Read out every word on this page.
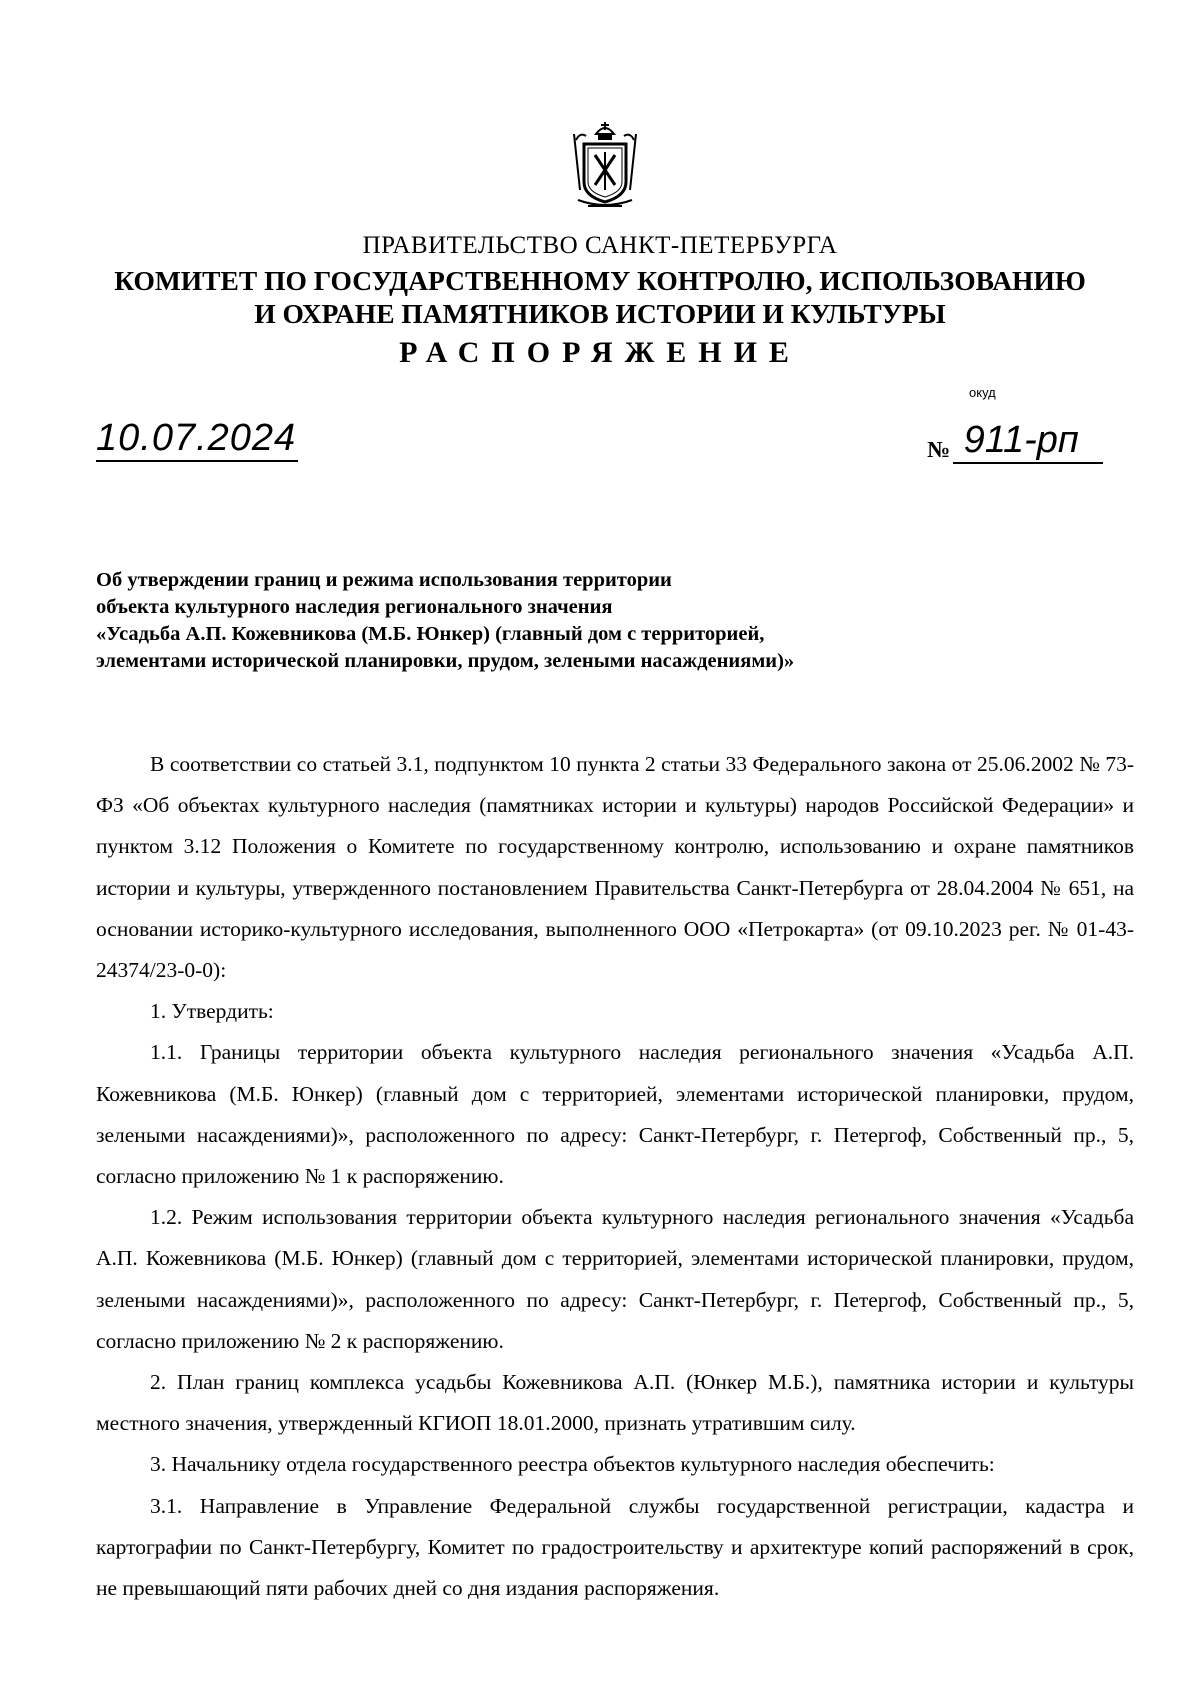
ПРАВИТЕЛЬСТВО САНКТ-ПЕТЕРБУРГА
КОМИТЕТ ПО ГОСУДАРСТВЕННОМУ КОНТРОЛЮ, ИСПОЛЬЗОВАНИЮ
И ОХРАНЕ ПАМЯТНИКОВ ИСТОРИИ И КУЛЬТУРЫ
РАСПОРЯЖЕНИЕ
окуд
10.07.2024	№ 911-рп
Об утверждении границ и режима использования территории
объекта культурного наследия регионального значения
«Усадьба А.П. Кожевникова (М.Б. Юнкер) (главный дом с территорией,
элементами исторической планировки, прудом, зелеными насаждениями)»

В соответствии со статьей 3.1, подпунктом 10 пункта 2 статьи 33 Федерального закона от 25.06.2002 № 73-ФЗ «Об объектах культурного наследия (памятниках истории и культуры) народов Российской Федерации» и пунктом 3.12 Положения о Комитете по государственному контролю, использованию и охране памятников истории и культуры, утвержденного постановлением Правительства Санкт-Петербурга от 28.04.2004 № 651, на основании историко-культурного исследования, выполненного ООО «Петрокарта» (от 09.10.2023 рег. № 01-43-24374/23-0-0):

1. Утвердить:

1.1. Границы территории объекта культурного наследия регионального значения «Усадьба А.П. Кожевникова (М.Б. Юнкер) (главный дом с территорией, элементами исторической планировки, прудом, зелеными насаждениями)», расположенного по адресу: Санкт-Петербург, г. Петергоф, Собственный пр., 5, согласно приложению № 1 к распоряжению.

1.2. Режим использования территории объекта культурного наследия регионального значения «Усадьба А.П. Кожевникова (М.Б. Юнкер) (главный дом с территорией, элементами исторической планировки, прудом, зелеными насаждениями)», расположенного по адресу: Санкт-Петербург, г. Петергоф, Собственный пр., 5, согласно приложению № 2 к распоряжению.

2. План границ комплекса усадьбы Кожевникова А.П. (Юнкер М.Б.), памятника истории и культуры местного значения, утвержденный КГИОП 18.01.2000, признать утратившим силу.

3. Начальнику отдела государственного реестра объектов культурного наследия обеспечить:

3.1. Направление в Управление Федеральной службы государственной регистрации, кадастра и картографии по Санкт-Петербургу, Комитет по градостроительству и архитектуре копий распоряжений в срок, не превышающий пяти рабочих дней со дня издания распоряжения.
